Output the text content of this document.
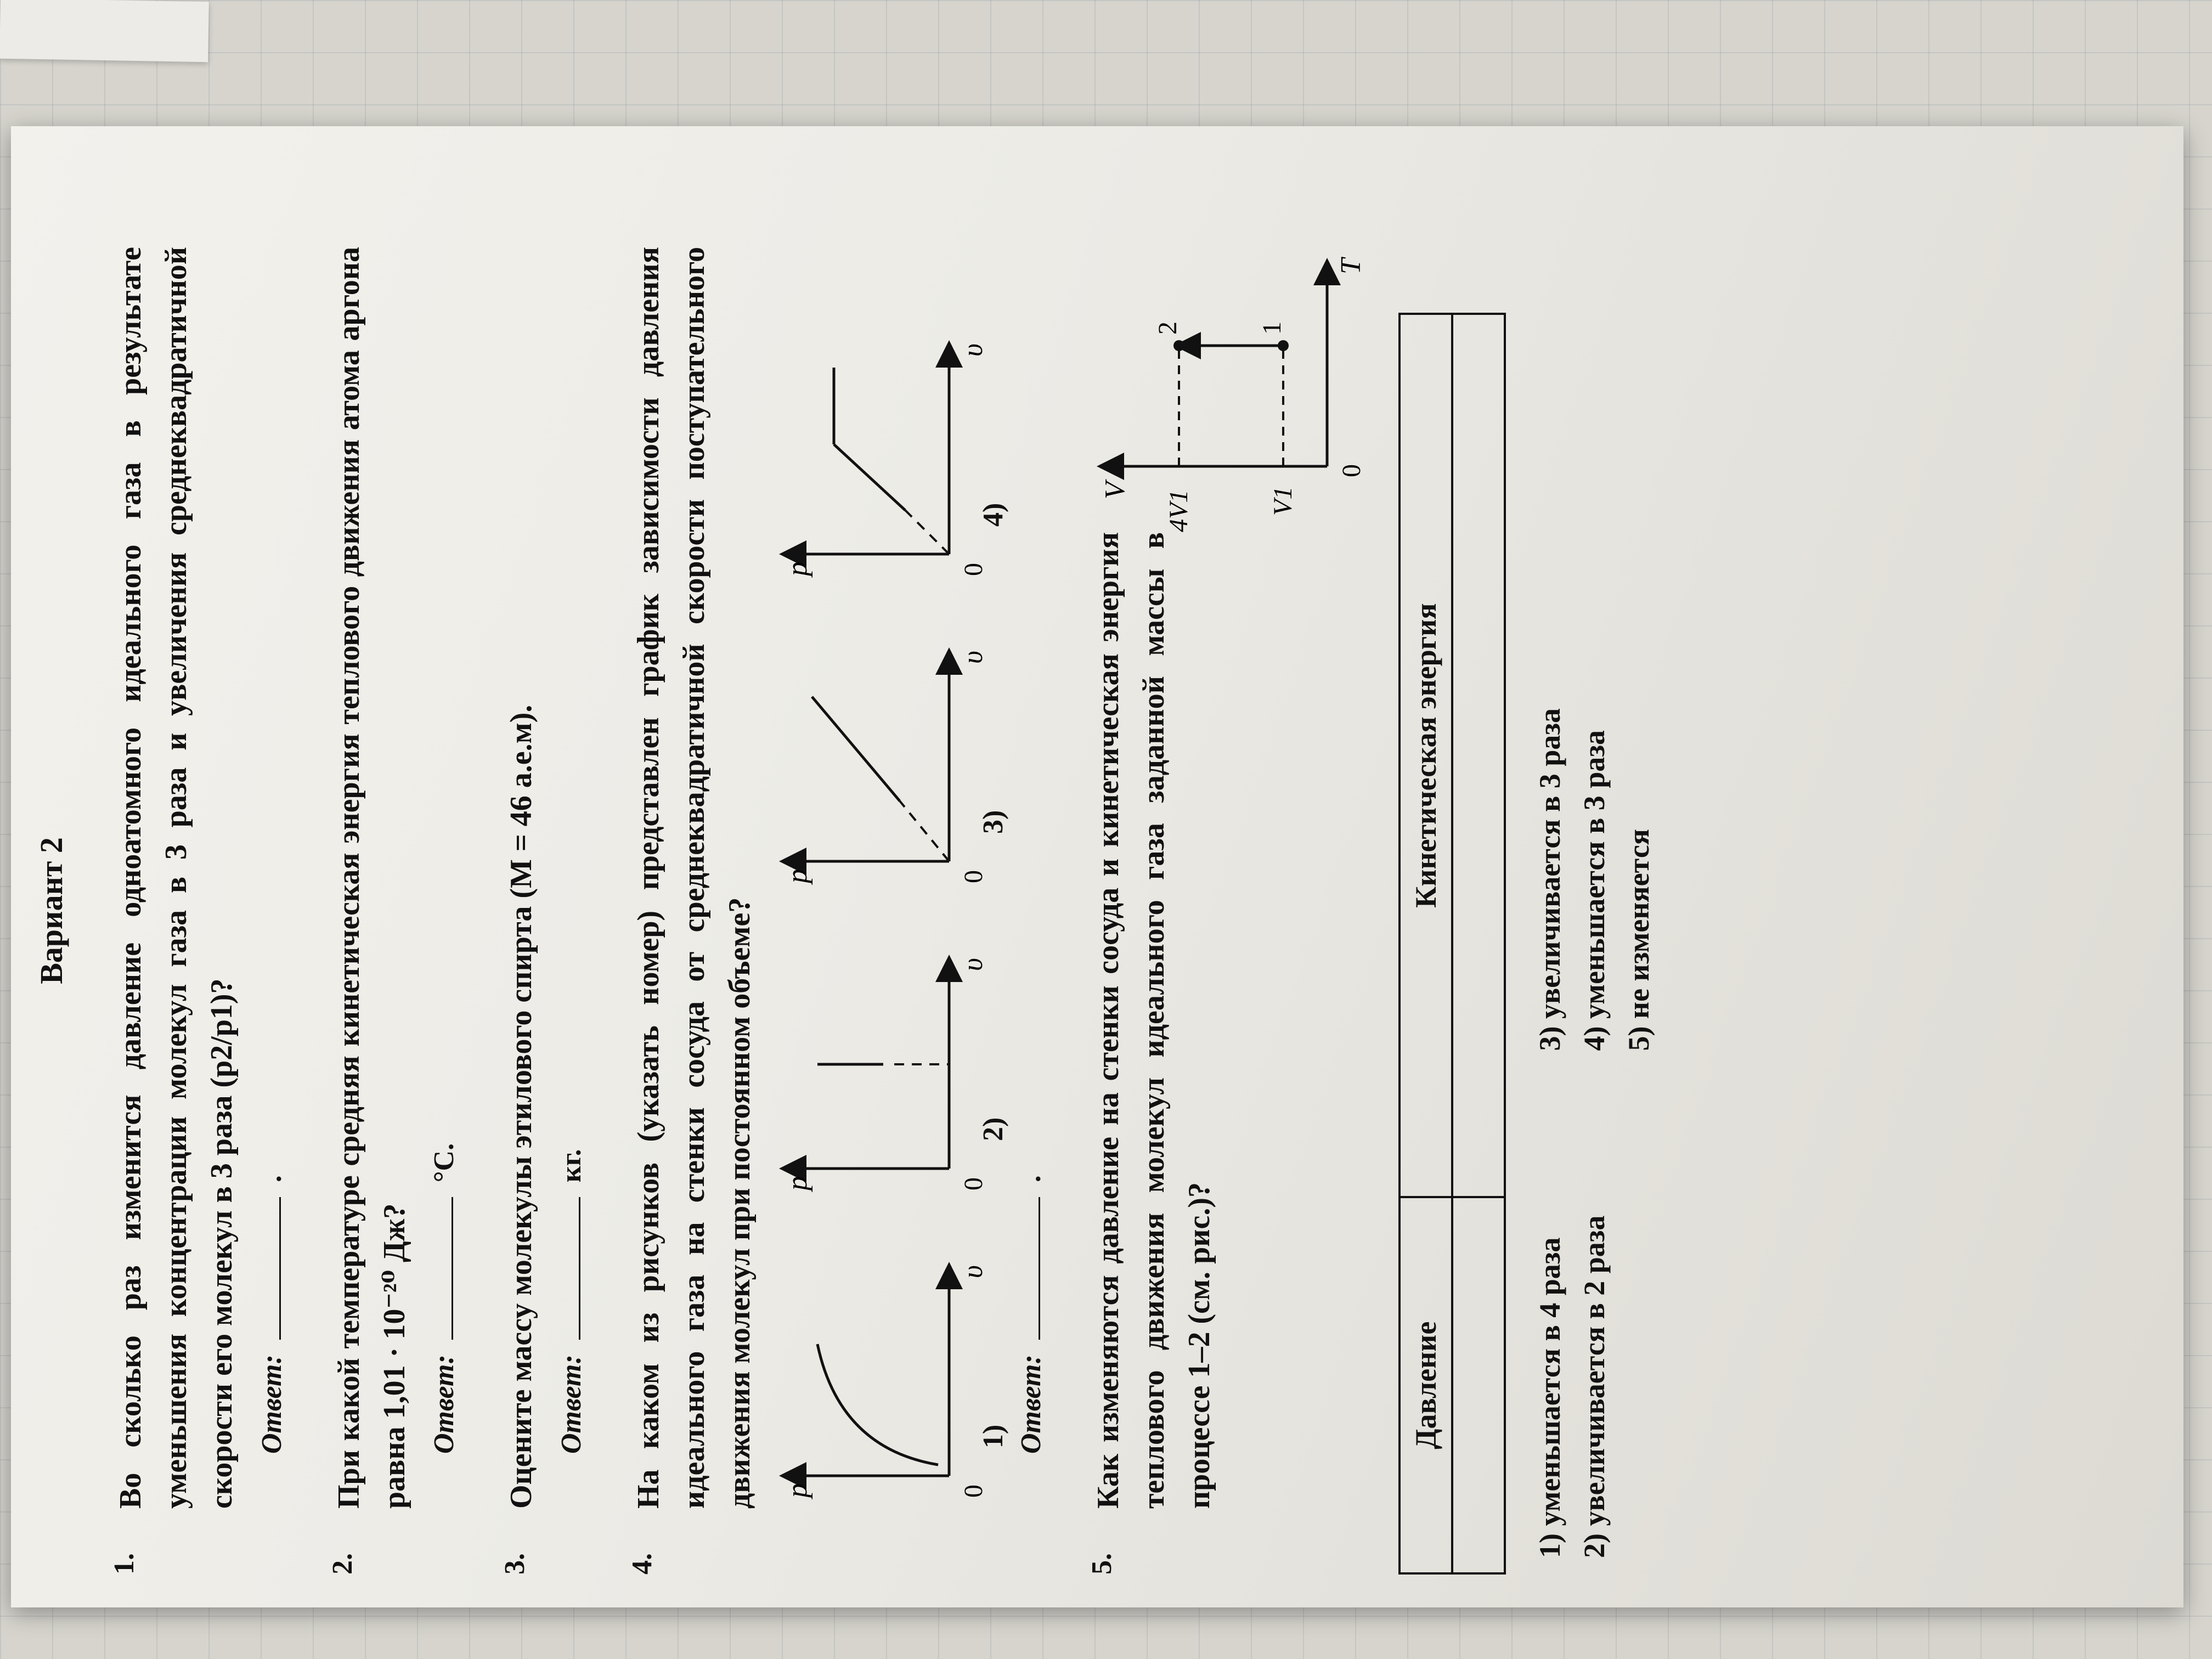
Вариант 2
1.
Во сколько раз изменится давление одноатомного идеального газа в результате уменьшения концентрации молекул газа в 3 раза и увеличения среднеквадратичной скорости его молекул в 3 раза (p2/p1)? Ответ:  .
2.
При какой температуре средняя кинетическая энергия теплового движения атома аргона равна 1,01 · 10⁻²⁰ Дж? Ответ:  °C.
3.
Оцените массу молекулы этилового спирта (M = 46 а.е.м). Ответ:  кг.
4.
На каком из рисунков (указать номер) представлен график зависимости давления идеального газа на стенки сосуда от среднеквадратичной скорости поступательного движения молекул при постоянном объеме? p
υ
0
1)
p
υ
0
2)
p
υ
0
3)
p
υ
0
4)
Ответ:  .
5.
Как изменяются давление на стенки сосуда и кинетическая энергия теплового движения молекул идеального газа заданной массы в процессе 1–2 (см. рис.)?
V
T
0
4V1	V1
1
2
Давление	Кинетическая энергия

1) уменьшается в 4 раза 2) увеличивается в 2 раза
3) увеличивается в 3 раза 4) уменьшается в 3 раза 5) не изменяется
